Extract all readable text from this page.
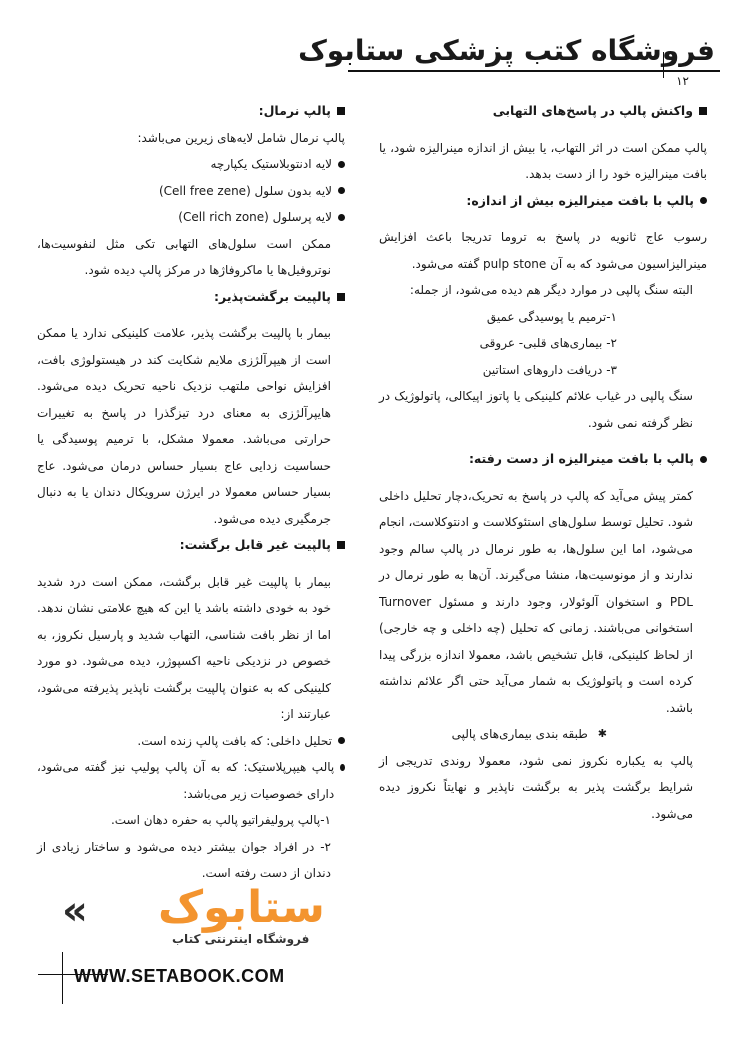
فروشگاه کتب پزشکی ستابوک
۱۲
واکنش پالپ در پاسخ‌های التهابی

پالپ ممکن است در اثر التهاب، یا بیش از اندازه مینرالیزه شود، یا بافت مینرالیزه خود را از دست بدهد.

پالپ با بافت مینرالیزه بیش از اندازه:

رسوب عاج ثانویه در پاسخ به تروما تدریجا باعث افزایش مینرالیزاسیون می‌شود که به آن pulp stone گفته می‌شود.

البته سنگ پالپی در موارد دیگر هم دیده می‌شود، از جمله:

۱-ترمیم یا پوسیدگی عمیق
۲- بیماری‌های قلبی- عروقی
۳- دریافت داروهای استاتین

سنگ پالپی در غیاب علائم کلینیکی یا پاتوز اپیکالی، پاتولوژیک در نظر گرفته نمی شود.

پالپ با بافت مینرالیزه از دست رفته:

کمتر پیش می‌آید که پالپ در پاسخ به تحریک،دچار تحلیل داخلی شود. تحلیل توسط سلول‌های استئوکلاست و ادنتوکلاست، انجام می‌شود، اما این سلول‌ها، به طور نرمال در پالپ سالم وجود ندارند و از مونوسیت‌ها، منشا می‌گیرند. آن‌ها به طور نرمال در PDL و استخوان آلوئولار، وجود دارند و مسئول Turnover استخوانی می‌باشند. زمانی که تحلیل (چه داخلی و چه خارجی) از لحاظ کلینیکی، قابل تشخیص باشد، معمولا اندازه بزرگی پیدا کرده است و پاتولوژیک به شمار می‌آید حتی اگر علائم نداشته باشد.

✱
طبقه بندی بیماری‌های پالپی

پالپ به یکباره نکروز نمی شود، معمولا روندی تدریجی از شرایط برگشت پذیر به برگشت ناپذیر و نهایتاً نکروز دیده می‌شود.

پالپ نرمال:

پالپ نرمال شامل لایه‌های زیرین می‌باشد:

لایه ادنتوبلاستیک یکپارچه
لایه بدون سلول (Cell free zene)
لایه پرسلول (Cell rich zone)

ممکن است سلول‌های التهابی تکی مثل لنفوسیت‌ها، نوتروفیل‌ها یا ماکروفاژها در مرکز پالپ دیده شود.

پالپیت برگشت‌پذیر:

بیمار با پالپیت برگشت پذیر، علامت کلینیکی ندارد یا ممکن است از هیپرآلژزی ملایم شکایت کند در هیستولوژی بافت، افزایش نواحی ملتهب نزدیک ناحیه تحریک دیده می‌شود. هایپرآلژزی به معنای درد تیزگذرا در پاسخ به تغییرات حرارتی می‌باشد. معمولا مشکل، با ترمیم پوسیدگی یا حساسیت زدایی عاج بسیار حساس درمان می‌شود. عاج بسیار حساس معمولا در ایرژن سرویکال دندان یا به دنبال جرمگیری دیده می‌شود.

پالپیت غیر قابل برگشت:

بیمار با پالپیت غیر قابل برگشت، ممکن است درد شدید خود به خودی داشته باشد یا این که هیچ علامتی نشان ندهد. اما از نظر بافت شناسی، التهاب شدید و پارسیل نکروز، به خصوص در نزدیکی ناحیه اکسپوژر، دیده می‌شود. دو مورد کلینیکی که به عنوان پالپیت برگشت ناپذیر پذیرفته می‌شود، عبارتند از:

تحلیل داخلی: که بافت پالپ زنده است.
پالپ هیپرپلاستیک: که به آن پالپ پولیپ نیز گفته می‌شود، دارای خصوصیات زیر می‌باشد:

۱-پالپ پرولیفراتیو پالپ به حفره دهان است.

۲- در افراد جوان بیشتر دیده می‌شود و ساختار زیادی از دندان از دست رفته است.

« ستابوک
فروشگاه اینترنتی کتاب
WWW.SETABOOK.COM
